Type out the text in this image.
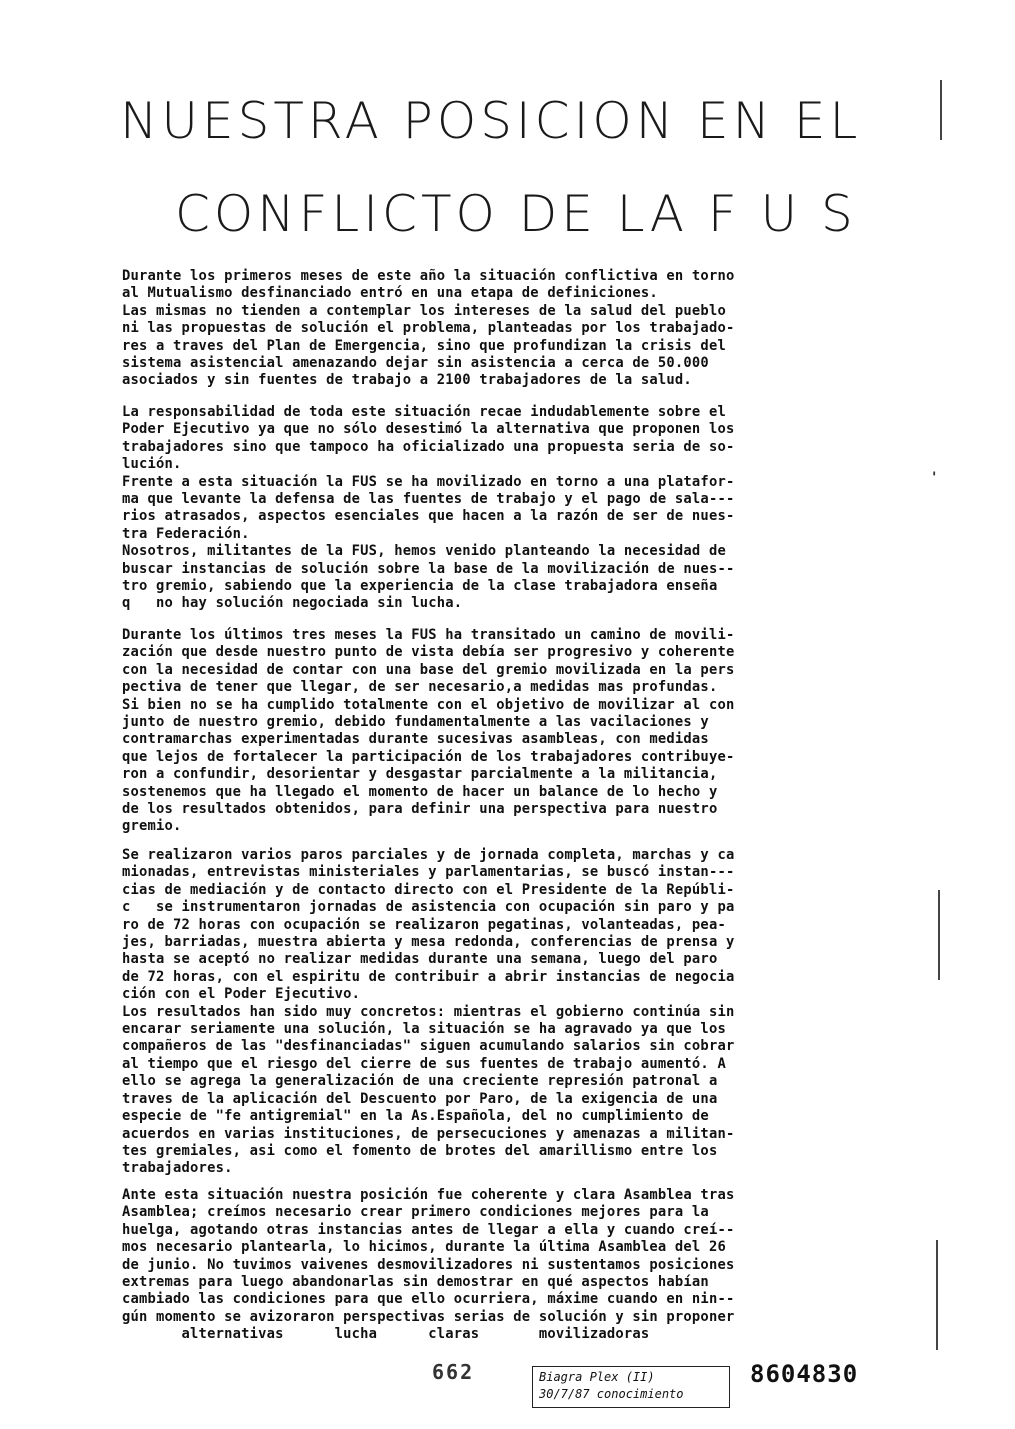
NUESTRA POSICION EN EL
CONFLICTO DE LA F U S
Durante los primeros meses de este año la situación conflictiva en torno
al Mutualismo desfinanciado entró en una etapa de definiciones.
Las mismas no tienden a contemplar los intereses de la salud del pueblo
ni las propuestas de solución el problema, planteadas por los trabajado-
res a traves del Plan de Emergencia, sino que profundizan la crisis del
sistema asistencial amenazando dejar sin asistencia a cerca de 50.000
asociados y sin fuentes de trabajo a 2100 trabajadores de la salud.
La responsabilidad de toda este situación recae indudablemente sobre el
Poder Ejecutivo ya que no sólo desestimó la alternativa que proponen los
trabajadores sino que tampoco ha oficializado una propuesta seria de so-
lución.
Frente a esta situación la FUS se ha movilizado en torno a una platafor-
ma que levante la defensa de las fuentes de trabajo y el pago de sala---
rios atrasados, aspectos esenciales que hacen a la razón de ser de nues-
tra Federación.
Nosotros, militantes de la FUS, hemos venido planteando la necesidad de
buscar instancias de solución sobre la base de la movilización de nues--
tro gremio, sabiendo que la experiencia de la clase trabajadora enseña
q   no hay solución negociada sin lucha.
Durante los últimos tres meses la FUS ha transitado un camino de movili-
zación que desde nuestro punto de vista debía ser progresivo y coherente
con la necesidad de contar con una base del gremio movilizada en la pers
pectiva de tener que llegar, de ser necesario,a medidas mas profundas.
Si bien no se ha cumplido totalmente con el objetivo de movilizar al con
junto de nuestro gremio, debido fundamentalmente a las vacilaciones y
contramarchas experimentadas durante sucesivas asambleas, con medidas
que lejos de fortalecer la participación de los trabajadores contribuye-
ron a confundir, desorientar y desgastar parcialmente a la militancia,
sostenemos que ha llegado el momento de hacer un balance de lo hecho y
de los resultados obtenidos, para definir una perspectiva para nuestro
gremio.
Se realizaron varios paros parciales y de jornada completa, marchas y ca
mionadas, entrevistas ministeriales y parlamentarias, se buscó instan---
cias de mediación y de contacto directo con el Presidente de la Repúbli-
c   se instrumentaron jornadas de asistencia con ocupación sin paro y pa
ro de 72 horas con ocupación se realizaron pegatinas, volanteadas, pea-
jes, barriadas, muestra abierta y mesa redonda, conferencias de prensa y
hasta se aceptó no realizar medidas durante una semana, luego del paro
de 72 horas, con el espiritu de contribuir a abrir instancias de negocia
ción con el Poder Ejecutivo.
Los resultados han sido muy concretos: mientras el gobierno continúa sin
encarar seriamente una solución, la situación se ha agravado ya que los
compañeros de las "desfinanciadas" siguen acumulando salarios sin cobrar
al tiempo que el riesgo del cierre de sus fuentes de trabajo aumentó. A
ello se agrega la generalización de una creciente represión patronal a
traves de la aplicación del Descuento por Paro, de la exigencia de una
especie de "fe antigremial" en la As.Española, del no cumplimiento de
acuerdos en varias instituciones, de persecuciones y amenazas a militan-
tes gremiales, asi como el fomento de brotes del amarillismo entre los
trabajadores.
Ante esta situación nuestra posición fue coherente y clara Asamblea tras
Asamblea; creímos necesario crear primero condiciones mejores para la
huelga, agotando otras instancias antes de llegar a ella y cuando creí--
mos necesario plantearla, lo hicimos, durante la última Asamblea del 26
de junio. No tuvimos vaivenes desmovilizadores ni sustentamos posiciones
extremas para luego abandonarlas sin demostrar en qué aspectos habían
cambiado las condiciones para que ello ocurriera, máxime cuando en nin--
gún momento se avizoraron perspectivas serias de solución y sin proponer
alternativas      lucha      claras       movilizadoras
'
662	Biagra Plex (II)
30/7/87 conocimiento
8604830
